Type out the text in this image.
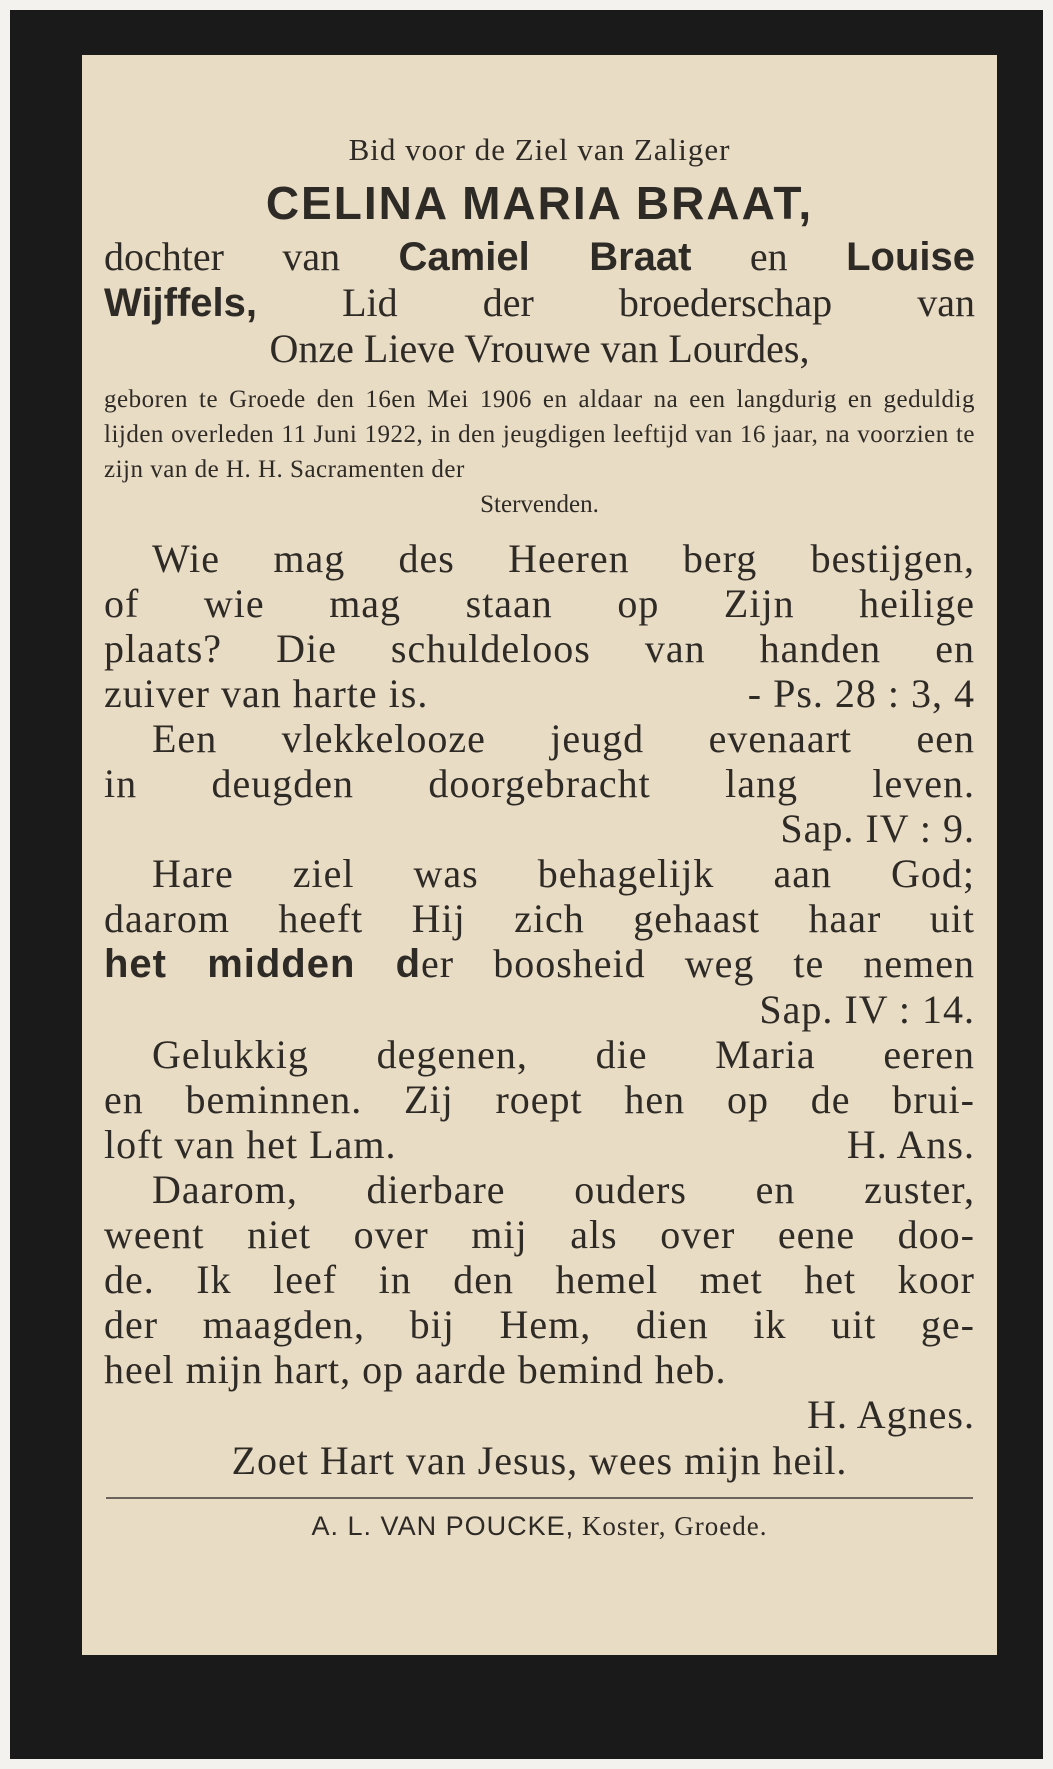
Bid voor de Ziel van Zaliger

CELINA MARIA BRAAT,

dochter van Camiel Braat en Louise

Wijffels, Lid der broederschap van

Onze Lieve Vrouwe van Lourdes,

geboren te Groede den 16en Mei 1906 en aldaar na een langdurig en geduldig lijden overleden 11 Juni 1922, in den jeugdigen leeftijd van 16 jaar, na voorzien te zijn van de H. H. Sacramenten der

Stervenden.

Wie mag des Heeren berg bestijgen,

of wie mag staan op Zijn heilige

plaats? Die schuldeloos van handen en

zuiver van harte is.	- Ps. 28 : 3, 4

Een vlekkelooze jeugd evenaart een

in deugden doorgebracht lang leven.

Sap. IV : 9.

Hare ziel was behagelijk aan God;

daarom heeft Hij zich gehaast haar uit

het midden der boosheid weg te nemen

Sap. IV : 14.

Gelukkig degenen, die Maria eeren

en beminnen. Zij roept hen op de brui-

loft van het Lam.	H. Ans.

Daarom, dierbare ouders en zuster,

weent niet over mij als over eene doo-

de. Ik leef in den hemel met het koor

der maagden, bij Hem, dien ik uit ge-

heel mijn hart, op aarde bemind heb.

H. Agnes.

Zoet Hart van Jesus, wees mijn heil.

A. L. VAN POUCKE, Koster, Groede.
